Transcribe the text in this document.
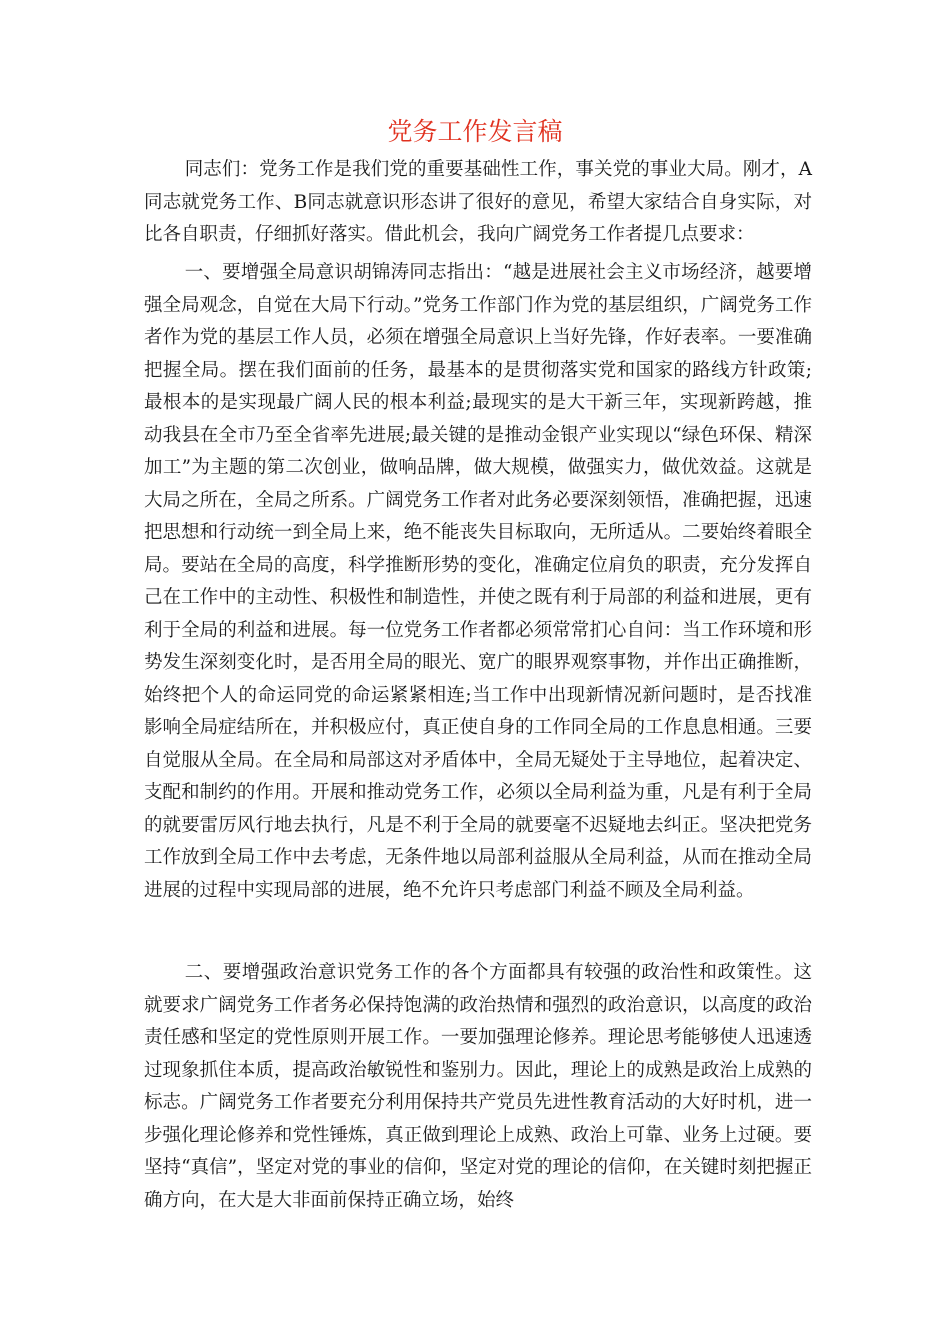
党务工作发言稿

同志们：党务工作是我们党的重要基础性工作，事关党的事业大局。刚才，A同志就党务工作、B同志就意识形态讲了很好的意见，希望大家结合自身实际，对比各自职责，仔细抓好落实。借此机会，我向广阔党务工作者提几点要求：

一、要增强全局意识胡锦涛同志指出：“越是进展社会主义市场经济，越要增强全局观念，自觉在大局下行动。”党务工作部门作为党的基层组织，广阔党务工作者作为党的基层工作人员，必须在增强全局意识上当好先锋，作好表率。一要准确把握全局。摆在我们面前的任务，最基本的是贯彻落实党和国家的路线方针政策;最根本的是实现最广阔人民的根本利益;最现实的是大干新三年，实现新跨越，推动我县在全市乃至全省率先进展;最关键的是推动金银产业实现以“绿色环保、精深加工”为主题的第二次创业，做响品牌，做大规模，做强实力，做优效益。这就是大局之所在，全局之所系。广阔党务工作者对此务必要深刻领悟，准确把握，迅速把思想和行动统一到全局上来，绝不能丧失目标取向，无所适从。二要始终着眼全局。要站在全局的高度，科学推断形势的变化，准确定位肩负的职责，充分发挥自己在工作中的主动性、积极性和制造性，并使之既有利于局部的利益和进展，更有利于全局的利益和进展。每一位党务工作者都必须常常扪心自问：当工作环境和形势发生深刻变化时，是否用全局的眼光、宽广的眼界观察事物，并作出正确推断，始终把个人的命运同党的命运紧紧相连;当工作中出现新情况新问题时，是否找准影响全局症结所在，并积极应付，真正使自身的工作同全局的工作息息相通。三要自觉服从全局。在全局和局部这对矛盾体中，全局无疑处于主导地位，起着决定、支配和制约的作用。开展和推动党务工作，必须以全局利益为重，凡是有利于全局的就要雷厉风行地去执行，凡是不利于全局的就要毫不迟疑地去纠正。坚决把党务工作放到全局工作中去考虑，无条件地以局部利益服从全局利益，从而在推动全局进展的过程中实现局部的进展，绝不允许只考虑部门利益不顾及全局利益。

二、要增强政治意识党务工作的各个方面都具有较强的政治性和政策性。这就要求广阔党务工作者务必保持饱满的政治热情和强烈的政治意识，以高度的政治责任感和坚定的党性原则开展工作。一要加强理论修养。理论思考能够使人迅速透过现象抓住本质，提高政治敏锐性和鉴别力。因此，理论上的成熟是政治上成熟的标志。广阔党务工作者要充分利用保持共产党员先进性教育活动的大好时机，进一步强化理论修养和党性锤炼，真正做到理论上成熟、政治上可靠、业务上过硬。要坚持“真信”，坚定对党的事业的信仰，坚定对党的理论的信仰，在关键时刻把握正确方向，在大是大非面前保持正确立场，始终
